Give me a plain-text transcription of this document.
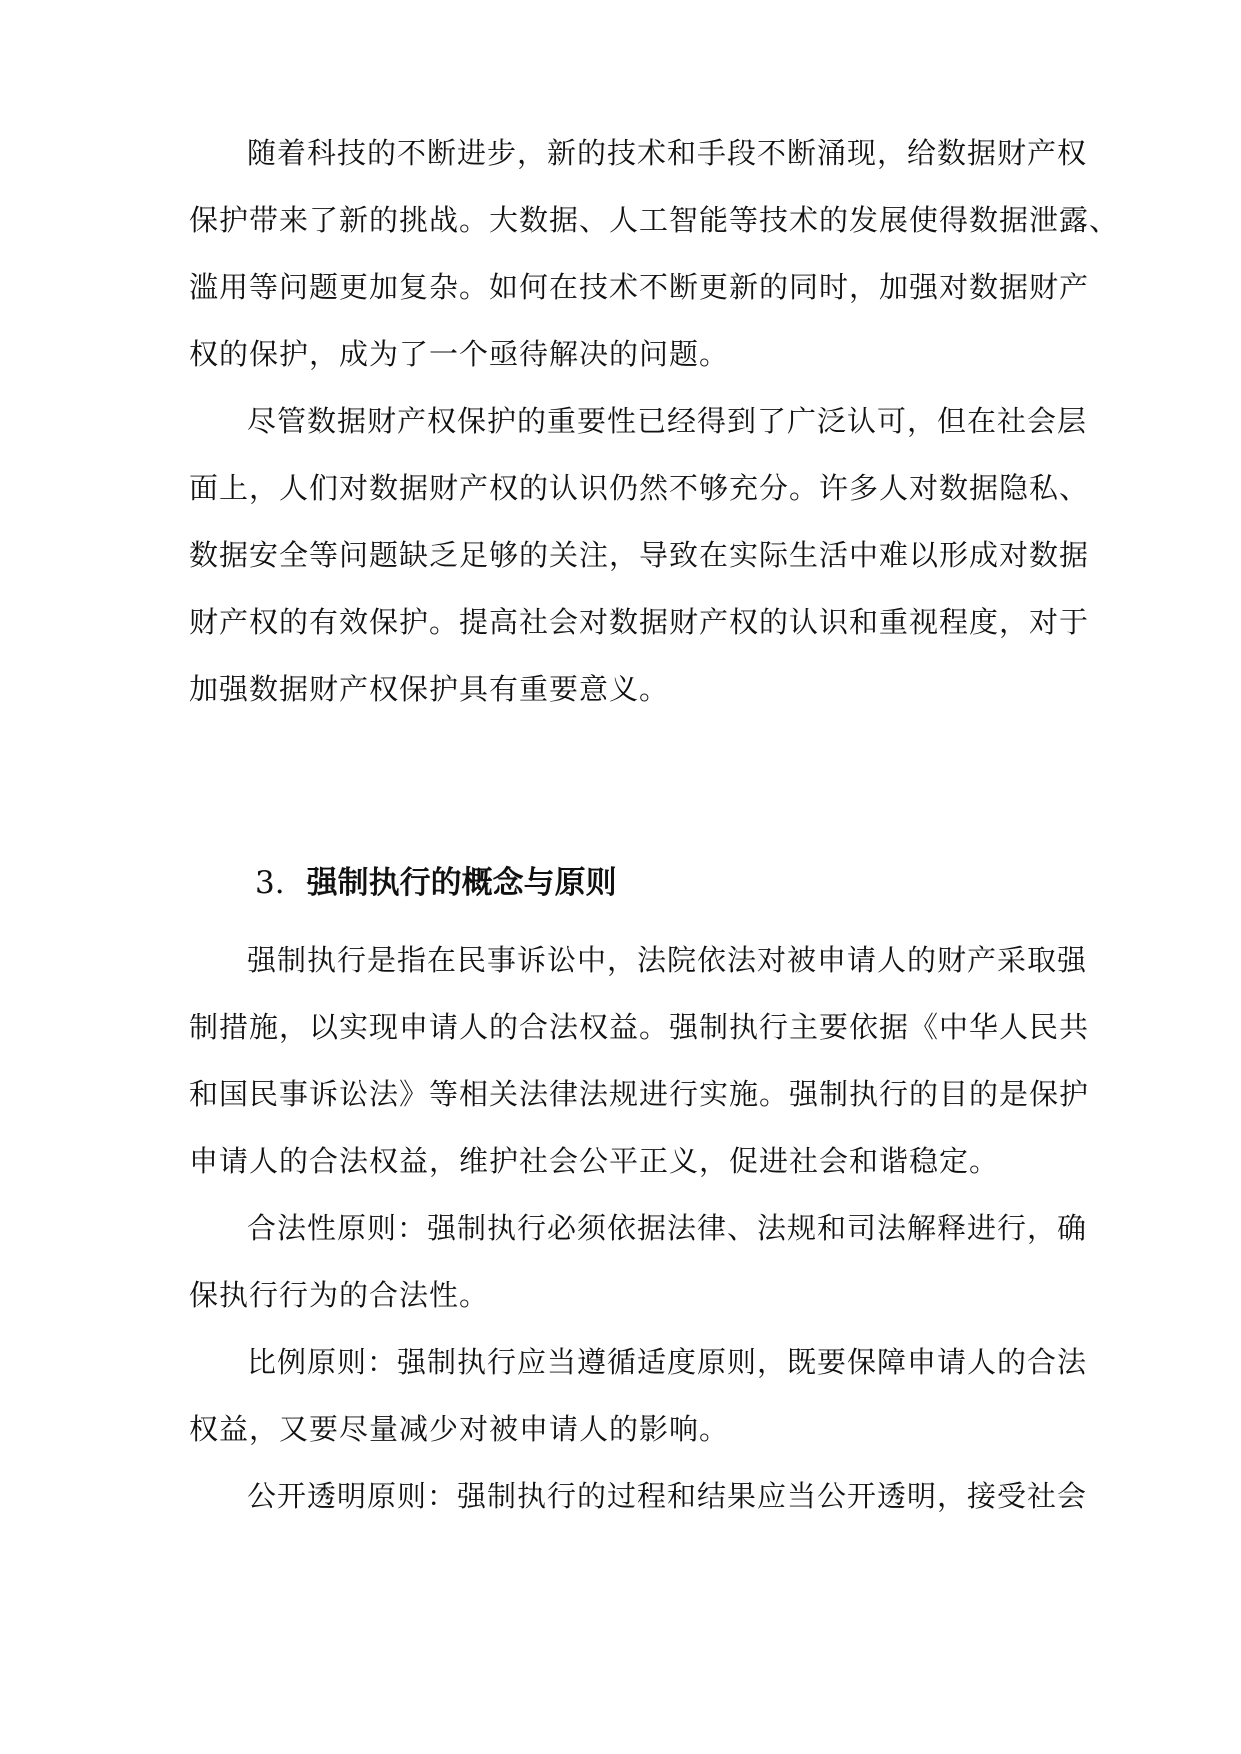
随着科技的不断进步，新的技术和手段不断涌现，给数据财产权
保护带来了新的挑战。大数据、人工智能等技术的发展使得数据泄露、
滥用等问题更加复杂。如何在技术不断更新的同时，加强对数据财产
权的保护，成为了一个亟待解决的问题。
尽管数据财产权保护的重要性已经得到了广泛认可，但在社会层
面上，人们对数据财产权的认识仍然不够充分。许多人对数据隐私、
数据安全等问题缺乏足够的关注，导致在实际生活中难以形成对数据
财产权的有效保护。提高社会对数据财产权的认识和重视程度，对于
加强数据财产权保护具有重要意义。
3. 强制执行的概念与原则
强制执行是指在民事诉讼中，法院依法对被申请人的财产采取强
制措施，以实现申请人的合法权益。强制执行主要依据《中华人民共
和国民事诉讼法》等相关法律法规进行实施。强制执行的目的是保护
申请人的合法权益，维护社会公平正义，促进社会和谐稳定。
合法性原则：强制执行必须依据法律、法规和司法解释进行，确
保执行行为的合法性。
比例原则：强制执行应当遵循适度原则，既要保障申请人的合法
权益，又要尽量减少对被申请人的影响。
公开透明原则：强制执行的过程和结果应当公开透明，接受社会
